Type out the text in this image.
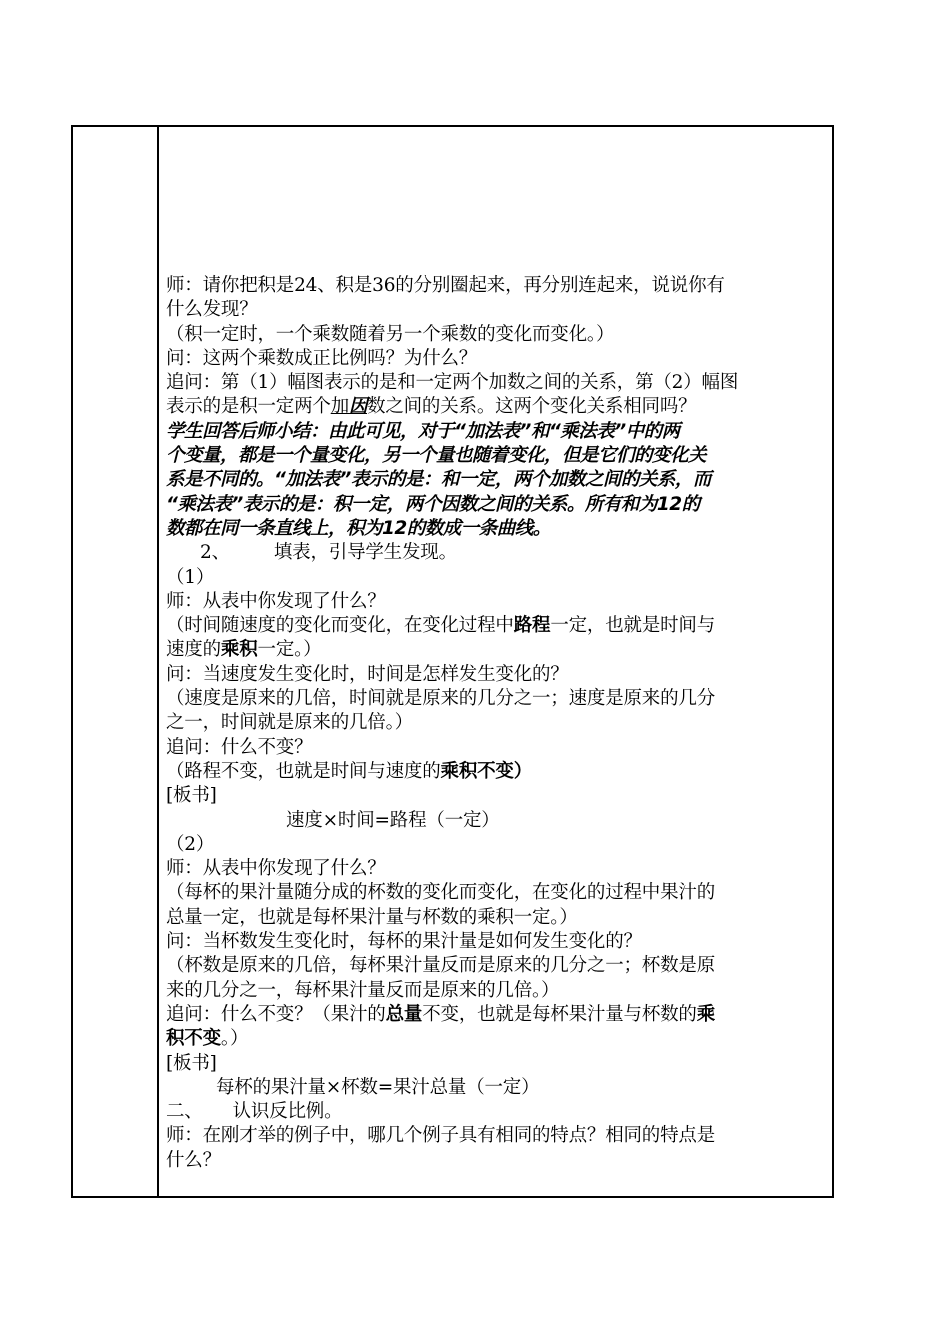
师：请你把积是24、积是36的分别圈起来，再分别连起来，说说你有

什么发现？

（积一定时，一个乘数随着另一个乘数的变化而变化。）

问：这两个乘数成正比例吗？为什么？

追问：第（1）幅图表示的是和一定两个加数之间的关系，第（2）幅图

表示的是积一定两个加因数之间的关系。这两个变化关系相同吗？

学生回答后师小结：由此可见，对于“加法表”和“乘法表”中的两

个变量，都是一个量变化，另一个量也随着变化，但是它们的变化关

系是不同的。“加法表”表示的是：和一定，两个加数之间的关系，而

“乘法表”表示的是：积一定，两个因数之间的关系。所有和为12的

数都在同一条直线上，积为12的数成一条曲线。

2、 填表，引导学生发现。

（1）

师：从表中你发现了什么？

（时间随速度的变化而变化，在变化过程中路程一定，也就是时间与

速度的乘积一定。）

问：当速度发生变化时，时间是怎样发生变化的？

（速度是原来的几倍，时间就是原来的几分之一；速度是原来的几分

之一，时间就是原来的几倍。）

追问：什么不变？

（路程不变，也就是时间与速度的乘积不变）

[板书]

速度×时间=路程（一定）

（2）

师：从表中你发现了什么？

（每杯的果汁量随分成的杯数的变化而变化，在变化的过程中果汁的

总量一定，也就是每杯果汁量与杯数的乘积一定。）

问：当杯数发生变化时，每杯的果汁量是如何发生变化的？

（杯数是原来的几倍，每杯果汁量反而是原来的几分之一；杯数是原

来的几分之一，每杯果汁量反而是原来的几倍。）

追问：什么不变？（果汁的总量不变，也就是每杯果汁量与杯数的乘

积不变。）

[板书]

每杯的果汁量×杯数=果汁总量（一定）

二、 认识反比例。

师：在刚才举的例子中，哪几个例子具有相同的特点？相同的特点是

什么？
